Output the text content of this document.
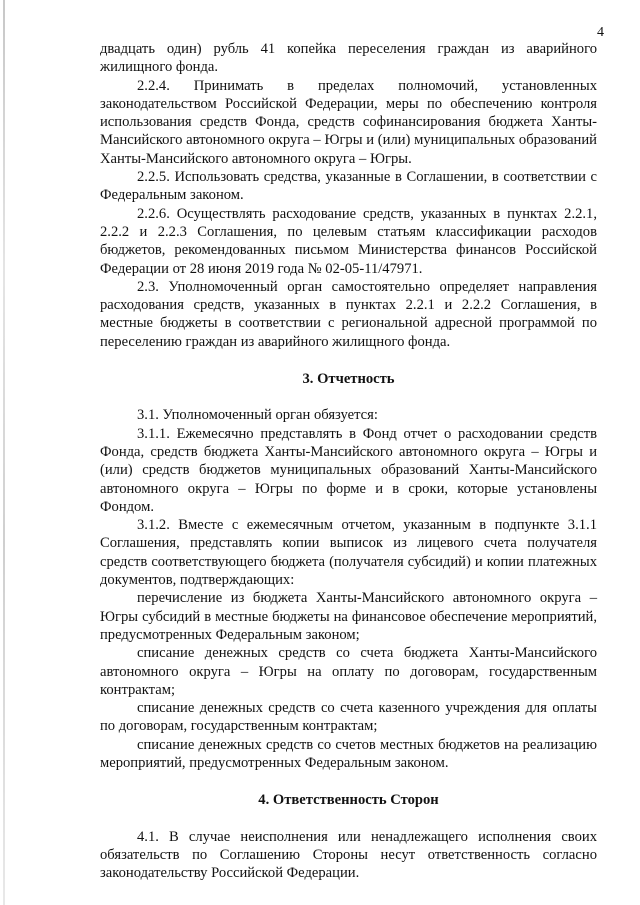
4

двадцать один) рубль 41 копейка переселения граждан из аварийного жилищного фонда.

2.2.4. Принимать в пределах полномочий, установленных законодательством Российской Федерации, меры по обеспечению контроля использования средств Фонда, средств софинансирования бюджета Ханты-Мансийского автономного округа – Югры и (или) муниципальных образований Ханты-Мансийского автономного округа – Югры.

2.2.5. Использовать средства, указанные в Соглашении, в соответствии с Федеральным законом.

2.2.6. Осуществлять расходование средств, указанных в пунктах 2.2.1, 2.2.2 и 2.2.3 Соглашения, по целевым статьям классификации расходов бюджетов, рекомендованных письмом Министерства финансов Российской Федерации от 28 июня 2019 года № 02-05-11/47971.

2.3. Уполномоченный орган самостоятельно определяет направления расходования средств, указанных в пунктах 2.2.1 и 2.2.2 Соглашения, в местные бюджеты в соответствии с региональной адресной программой по переселению граждан из аварийного жилищного фонда.

3. Отчетность

3.1. Уполномоченный орган обязуется:

3.1.1. Ежемесячно представлять в Фонд отчет о расходовании средств Фонда, средств бюджета Ханты-Мансийского автономного округа – Югры и (или) средств бюджетов муниципальных образований Ханты-Мансийского автономного округа – Югры по форме и в сроки, которые установлены Фондом.

3.1.2. Вместе с ежемесячным отчетом, указанным в подпункте 3.1.1 Соглашения, представлять копии выписок из лицевого счета получателя средств соответствующего бюджета (получателя субсидий) и копии платежных документов, подтверждающих:

перечисление из бюджета Ханты-Мансийского автономного округа – Югры субсидий в местные бюджеты на финансовое обеспечение мероприятий, предусмотренных Федеральным законом;

списание денежных средств со счета бюджета Ханты-Мансийского автономного округа – Югры на оплату по договорам, государственным контрактам;

списание денежных средств со счета казенного учреждения для оплаты по договорам, государственным контрактам;

списание денежных средств со счетов местных бюджетов на реализацию мероприятий, предусмотренных Федеральным законом.

4. Ответственность Сторон

4.1. В случае неисполнения или ненадлежащего исполнения своих обязательств по Соглашению Стороны несут ответственность согласно законодательству Российской Федерации.
